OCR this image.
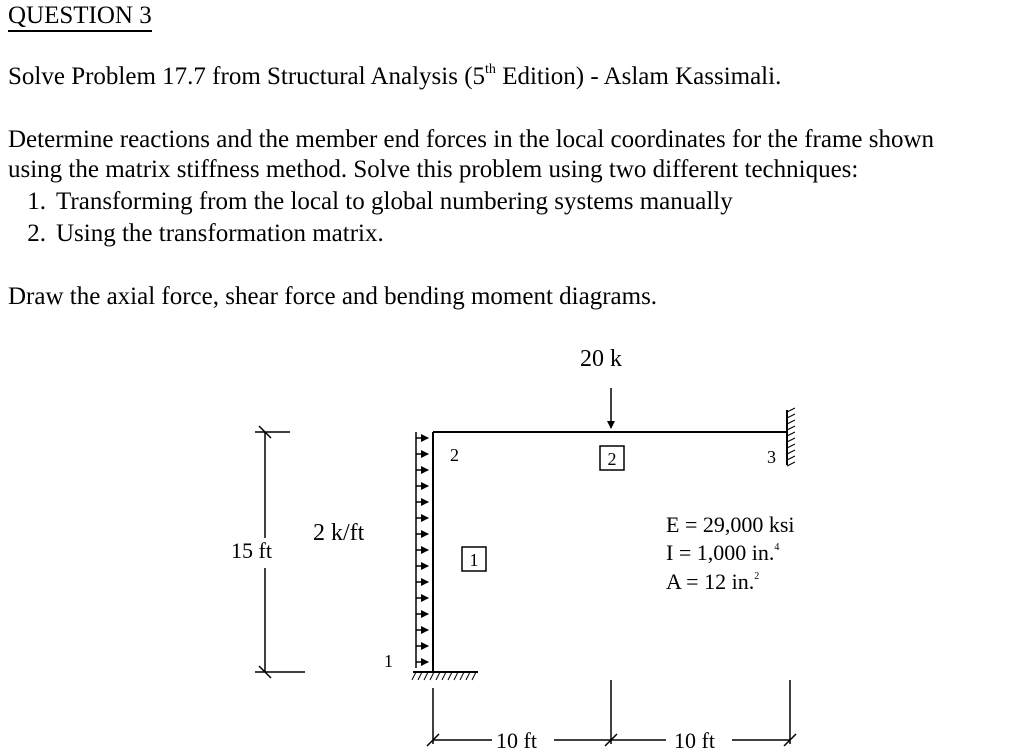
QUESTION 3
Solve Problem 17.7 from Structural Analysis (5th Edition) - Aslam Kassimali.
Determine reactions and the member end forces in the local coordinates for the frame shown
using the matrix stiffness method. Solve this problem using two different techniques:
1. Transforming from the local to global numbering systems manually
2. Using the transformation matrix.
Draw the axial force, shear force and bending moment diagrams.
20 k
2	3
1
2
1
2 k/ft
15 ft
10 ft	10 ft
E = 29,000 ksi
I = 1,000 in.$^4$
A = 12 in.$^2$
